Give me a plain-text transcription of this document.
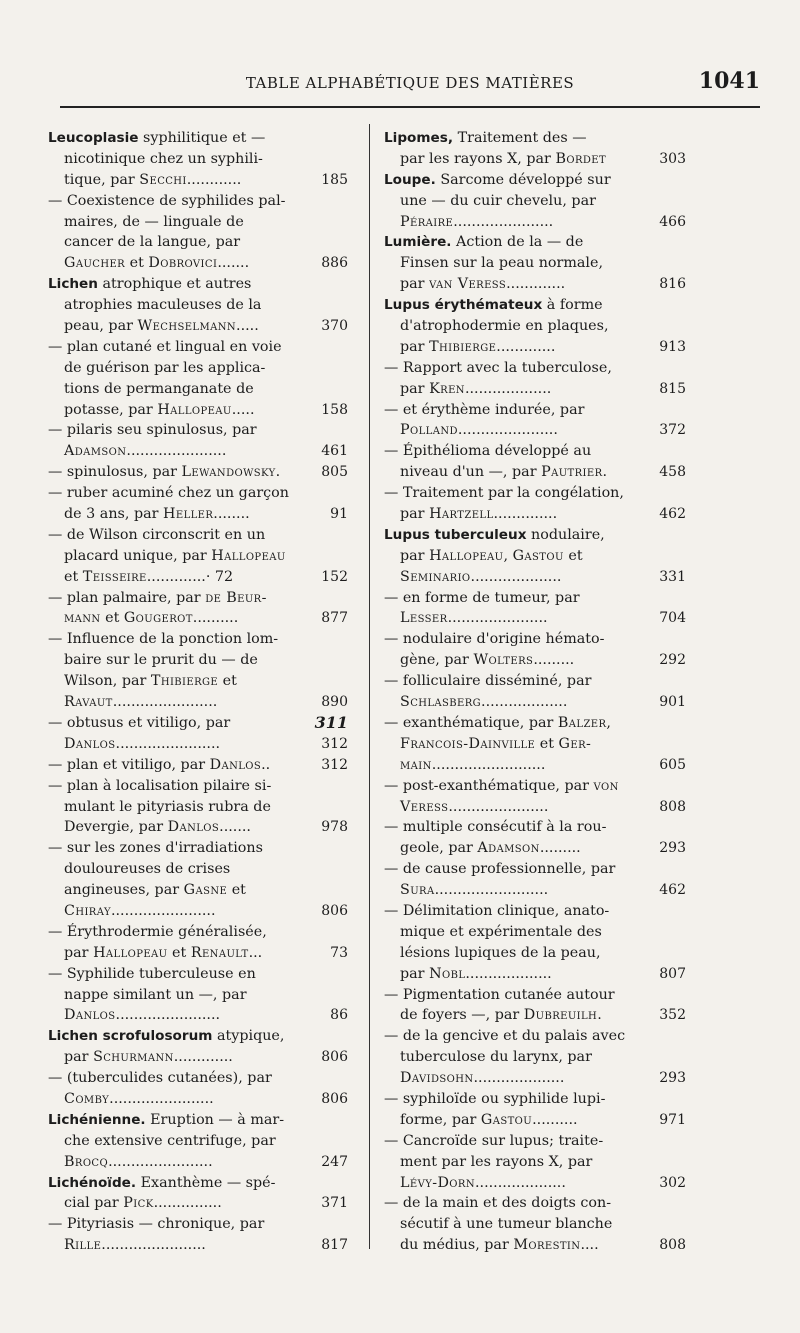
TABLE ALPHABÉTIQUE DES MATIÈRES	1041
Leucoplasie syphilitique et —
nicotinique chez un syphili-
tique, par Secchi............	185
— Coexistence de syphilides pal-
maires, de — linguale de
cancer de la langue, par
Gaucher et Dobrovici.......	886
Lichen atrophique et autres
atrophies maculeuses de la
peau, par Wechselmann.....	370
— plan cutané et lingual en voie
de guérison par les applica-
tions de permanganate de
potasse, par Hallopeau.....	158
— pilaris seu spinulosus, par
Adamson......................	461
— spinulosus, par Lewandowsky.	805
— ruber acuminé chez un garçon
de 3 ans, par Heller........	91
— de Wilson circonscrit en un
placard unique, par Hallopeau
et Teisseire.............· 72	152
— plan palmaire, par de Beur-
mann et Gougerot..........	877
— Influence de la ponction lom-
baire sur le prurit du — de
Wilson, par Thibierge et
Ravaut.......................	890
— obtusus et vitiligo, par	311
Danlos.......................	312
— plan et vitiligo, par Danlos..	312
— plan à localisation pilaire si-
mulant le pityriasis rubra de
Devergie, par Danlos.......	978
— sur les zones d'irradiations
douloureuses de crises
angineuses, par Gasne et
Chiray.......................	806
— Érythrodermie généralisée,
par Hallopeau et Renault...	73
— Syphilide tuberculeuse en
nappe similant un —, par
Danlos.......................	86
Lichen scrofulosorum atypique,
par Schurmann.............	806
— (tuberculides cutanées), par
Comby.......................	806
Lichénienne. Eruption — à mar-
che extensive centrifuge, par
Brocq.......................	247
Lichénoïde. Exanthème — spé-
cial par Pick...............	371
— Pityriasis — chronique, par
Rille.......................	817
Lipomes, Traitement des —
par les rayons X, par Bordet	303
Loupe. Sarcome développé sur
une — du cuir chevelu, par
Péraire......................	466
Lumière. Action de la — de
Finsen sur la peau normale,
par van Veress.............	816
Lupus érythémateux à forme
d'atrophodermie en plaques,
par Thibierge.............	913
— Rapport avec la tuberculose,
par Kren...................	815
— et érythème indurée, par
Polland......................	372
— Épithélioma développé au
niveau d'un —, par Pautrier.	458
— Traitement par la congélation,
par Hartzell..............	462
Lupus tuberculeux nodulaire,
par Hallopeau, Gastou et
Seminario....................	331
— en forme de tumeur, par
Lesser......................	704
— nodulaire d'origine hémato-
gène, par Wolters.........	292
— folliculaire disséminé, par
Schlasberg...................	901
— exanthématique, par Balzer,
Francois-Dainville et Ger-
main.........................	605
— post-exanthématique, par von
Veress......................	808
— multiple consécutif à la rou-
geole, par Adamson.........	293
— de cause professionnelle, par
Sura.........................	462
— Délimitation clinique, anato-
mique et expérimentale des
lésions lupiques de la peau,
par Nobl...................	807
— Pigmentation cutanée autour
de foyers —, par Dubreuilh.	352
— de la gencive et du palais avec
tuberculose du larynx, par
Davidsohn....................	293
— syphiloïde ou syphilide lupi-
forme, par Gastou..........	971
— Cancroïde sur lupus; traite-
ment par les rayons X, par
Lévy-Dorn....................	302
— de la main et des doigts con-
sécutif à une tumeur blanche
du médius, par Morestin....	808
